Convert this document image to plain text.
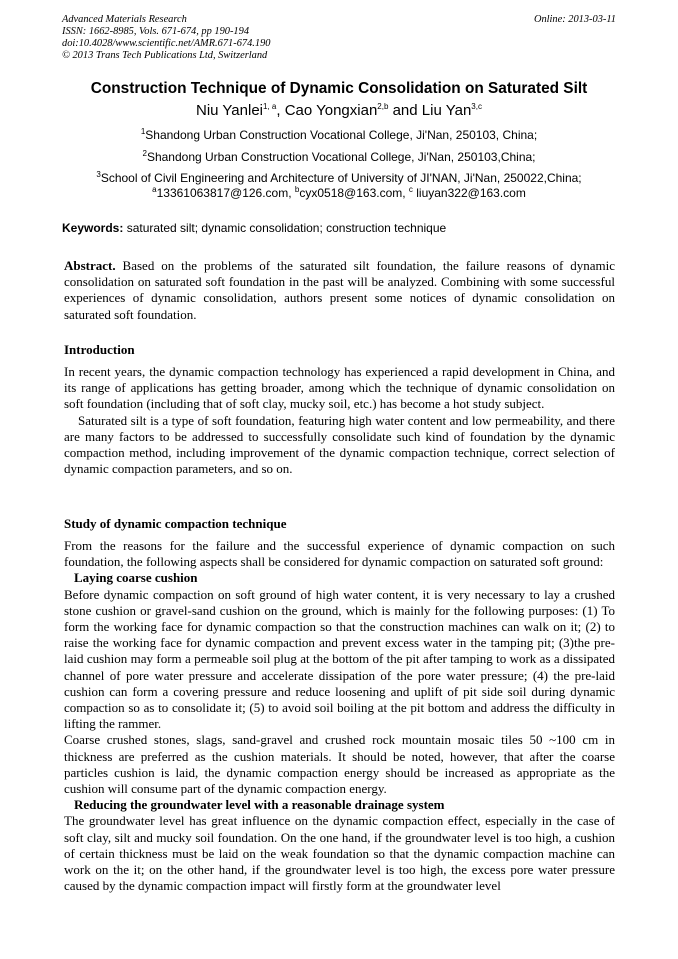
Advanced Materials Research
ISSN: 1662-8985, Vols. 671-674, pp 190-194
doi:10.4028/www.scientific.net/AMR.671-674.190
© 2013 Trans Tech Publications Ltd, Switzerland
Online: 2013-03-11
Construction Technique of Dynamic Consolidation on Saturated Silt
Niu Yanlei$^{1, a}$, Cao Yongxian$^{2,b}$ and Liu Yan$^{3,c}$
$^1$Shandong Urban Construction Vocational College, Ji'Nan, 250103, China;
$^2$Shandong Urban Construction Vocational College, Ji'Nan, 250103,China;
$^3$School of Civil Engineering and Architecture of University of JI'NAN, Ji'Nan, 250022,China;
$^a$13361063817@126.com, $^b$cyx0518@163.com, $^c$ liuyan322@163.com
Keywords: saturated silt; dynamic consolidation; construction technique

Abstract. Based on the problems of the saturated silt foundation, the failure reasons of dynamic consolidation on saturated soft foundation in the past will be analyzed. Combining with some successful experiences of dynamic consolidation, authors present some notices of dynamic consolidation on saturated soft foundation.

Introduction

In recent years, the dynamic compaction technology has experienced a rapid development in China, and its range of applications has getting broader, among which the technique of dynamic consolidation on soft foundation (including that of soft clay, mucky soil, etc.) has become a hot study subject.

Saturated silt is a type of soft foundation, featuring high water content and low permeability, and there are many factors to be addressed to successfully consolidate such kind of foundation by the dynamic compaction method, including improvement of the dynamic compaction technique, correct selection of dynamic compaction parameters, and so on.

Study of dynamic compaction technique

From the reasons for the failure and the successful experience of dynamic compaction on such foundation, the following aspects shall be considered for dynamic compaction on saturated soft ground:

Laying coarse cushion

Before dynamic compaction on soft ground of high water content, it is very necessary to lay a crushed stone cushion or gravel-sand cushion on the ground, which is mainly for the following purposes: (1) To form the working face for dynamic compaction so that the construction machines can walk on it; (2) to raise the working face for dynamic compaction and prevent excess water in the tamping pit; (3)the pre-laid cushion may form a permeable soil plug at the bottom of the pit after tamping to work as a dissipated channel of pore water pressure and accelerate dissipation of the pore water pressure; (4) the pre-laid cushion can form a covering pressure and reduce loosening and uplift of pit side soil during dynamic compaction so as to consolidate it; (5) to avoid soil boiling at the pit bottom and address the difficulty in lifting the rammer.

Coarse crushed stones, slags, sand-gravel and crushed rock mountain mosaic tiles 50 ~100 cm in thickness are preferred as the cushion materials. It should be noted, however, that after the coarse particles cushion is laid, the dynamic compaction energy should be increased as appropriate as the cushion will consume part of the dynamic compaction energy.

Reducing the groundwater level with a reasonable drainage system

The groundwater level has great influence on the dynamic compaction effect, especially in the case of soft clay, silt and mucky soil foundation. On the one hand, if the groundwater level is too high, a cushion of certain thickness must be laid on the weak foundation so that the dynamic compaction machine can work on the it; on the other hand, if the groundwater level is too high, the excess pore water pressure caused by the dynamic compaction impact will firstly form at the groundwater level
